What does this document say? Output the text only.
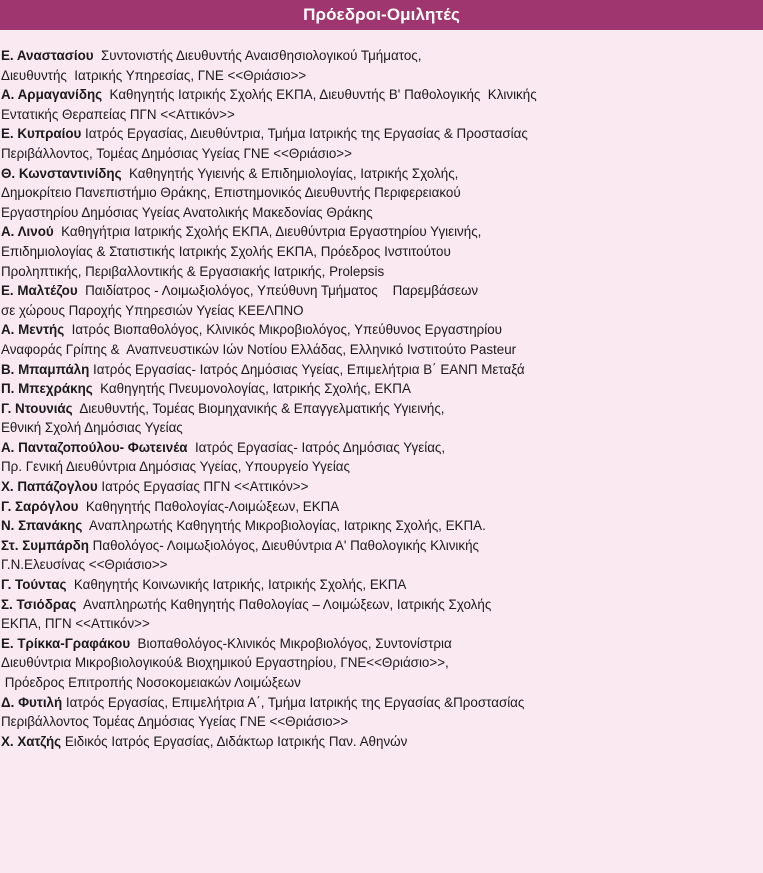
Πρόεδροι-Ομιλητές
Ε. Αναστασίου  Συντονιστής Διευθυντής Αναισθησιολογικού Τμήματος,
Διευθυντής  Ιατρικής Υπηρεσίας, ΓΝΕ <<Θριάσιο>>
Α. Αρμαγανίδης  Καθηγητής Ιατρικής Σχολής ΕΚΠΑ, Διευθυντής Β' Παθολογικής  Κλινικής
Εντατικής Θεραπείας ΠΓΝ <<Αττικόν>>
Ε. Κυπραίου Ιατρός Εργασίας, Διευθύντρια, Τμήμα Ιατρικής της Εργασίας & Προστασίας
Περιβάλλοντος, Τομέας Δημόσιας Υγείας ΓΝΕ <<Θριάσιο>>
Θ. Κωνσταντινίδης  Καθηγητής Υγιεινής & Επιδημιολογίας, Ιατρικής Σχολής,
Δημοκρίτειο Πανεπιστήμιο Θράκης, Επιστημονικός Διευθυντής Περιφερειακού
Εργαστηρίου Δημόσιας Υγείας Ανατολικής Μακεδονίας Θράκης
Α. Λινού  Καθηγήτρια Ιατρικής Σχολής ΕΚΠΑ, Διευθύντρια Εργαστηρίου Υγιεινής,
Επιδημιολογίας & Στατιστικής Ιατρικής Σχολής ΕΚΠΑ, Πρόεδρος Ινστιτούτου
Προληπτικής, Περιβαλλοντικής & Εργασιακής Ιατρικής, Prolepsis
Ε. Μαλτέζου  Παιδίατρος - Λοιμωξιολόγος, Υπεύθυνη Τμήματος    Παρεμβάσεων
σε χώρους Παροχής Υπηρεσιών Υγείας ΚΕΕΛΠΝΟ
Α. Μεντής  Ιατρός Βιοπαθολόγος, Κλινικός Μικροβιολόγος, Υπεύθυνος Εργαστηρίου
Αναφοράς Γρίπης &  Αναπνευστικών Ιών Νοτίου Ελλάδας, Ελληνικό Ινστιτούτο Pasteur
Β. Μπαμπάλη Ιατρός Εργασίας- Ιατρός Δημόσιας Υγείας, Επιμελήτρια Β΄ ΕΑΝΠ Μεταξά
Π. Μπεχράκης  Καθηγητής Πνευμονολογίας, Ιατρικής Σχολής, ΕΚΠΑ
Γ. Ντουνιάς  Διευθυντής, Τομέας Βιομηχανικής & Επαγγελματικής Υγιεινής,
Εθνική Σχολή Δημόσιας Υγείας
Α. Πανταζοπούλου- Φωτεινέα  Ιατρός Εργασίας- Ιατρός Δημόσιας Υγείας,
Πρ. Γενική Διευθύντρια Δημόσιας Υγείας, Υπουργείο Υγείας
Χ. Παπάζογλου Ιατρός Εργασίας ΠΓΝ <<Αττικόν>>
Γ. Σαρόγλου  Καθηγητής Παθολογίας-Λοιμώξεων, ΕΚΠΑ
Ν. Σπανάκης  Αναπληρωτής Καθηγητής Μικροβιολογίας, Ιατρικης Σχολής, ΕΚΠΑ.
Στ. Συμπάρδη Παθολόγος- Λοιμωξιολόγος, Διευθύντρια Α' Παθολογικής Κλινικής
Γ.Ν.Ελευσίνας <<Θριάσιο>>
Γ. Τούντας  Καθηγητής Κοινωνικής Ιατρικής, Ιατρικής Σχολής, ΕΚΠΑ
Σ. Τσιόδρας  Αναπληρωτής Καθηγητής Παθολογίας – Λοιμώξεων, Ιατρικής Σχολής
ΕΚΠΑ, ΠΓΝ <<Αττικόν>>
Ε. Τρίκκα-Γραφάκου  Βιοπαθολόγος-Κλινικός Μικροβιολόγος, Συντονίστρια
Διευθύντρια Μικροβιολογικού& Βιοχημικού Εργαστηρίου, ΓΝΕ<<Θριάσιο>>,
Πρόεδρος Επιτροπής Νοσοκομειακών Λοιμώξεων
Δ. Φυτιλή Ιατρός Εργασίας, Επιμελήτρια Α΄, Τμήμα Ιατρικής της Εργασίας &Προστασίας
Περιβάλλοντος Τομέας Δημόσιας Υγείας ΓΝΕ <<Θριάσιο>>
Χ. Χατζής Ειδικός Ιατρός Εργασίας, Διδάκτωρ Ιατρικής Παν. Αθηνών
